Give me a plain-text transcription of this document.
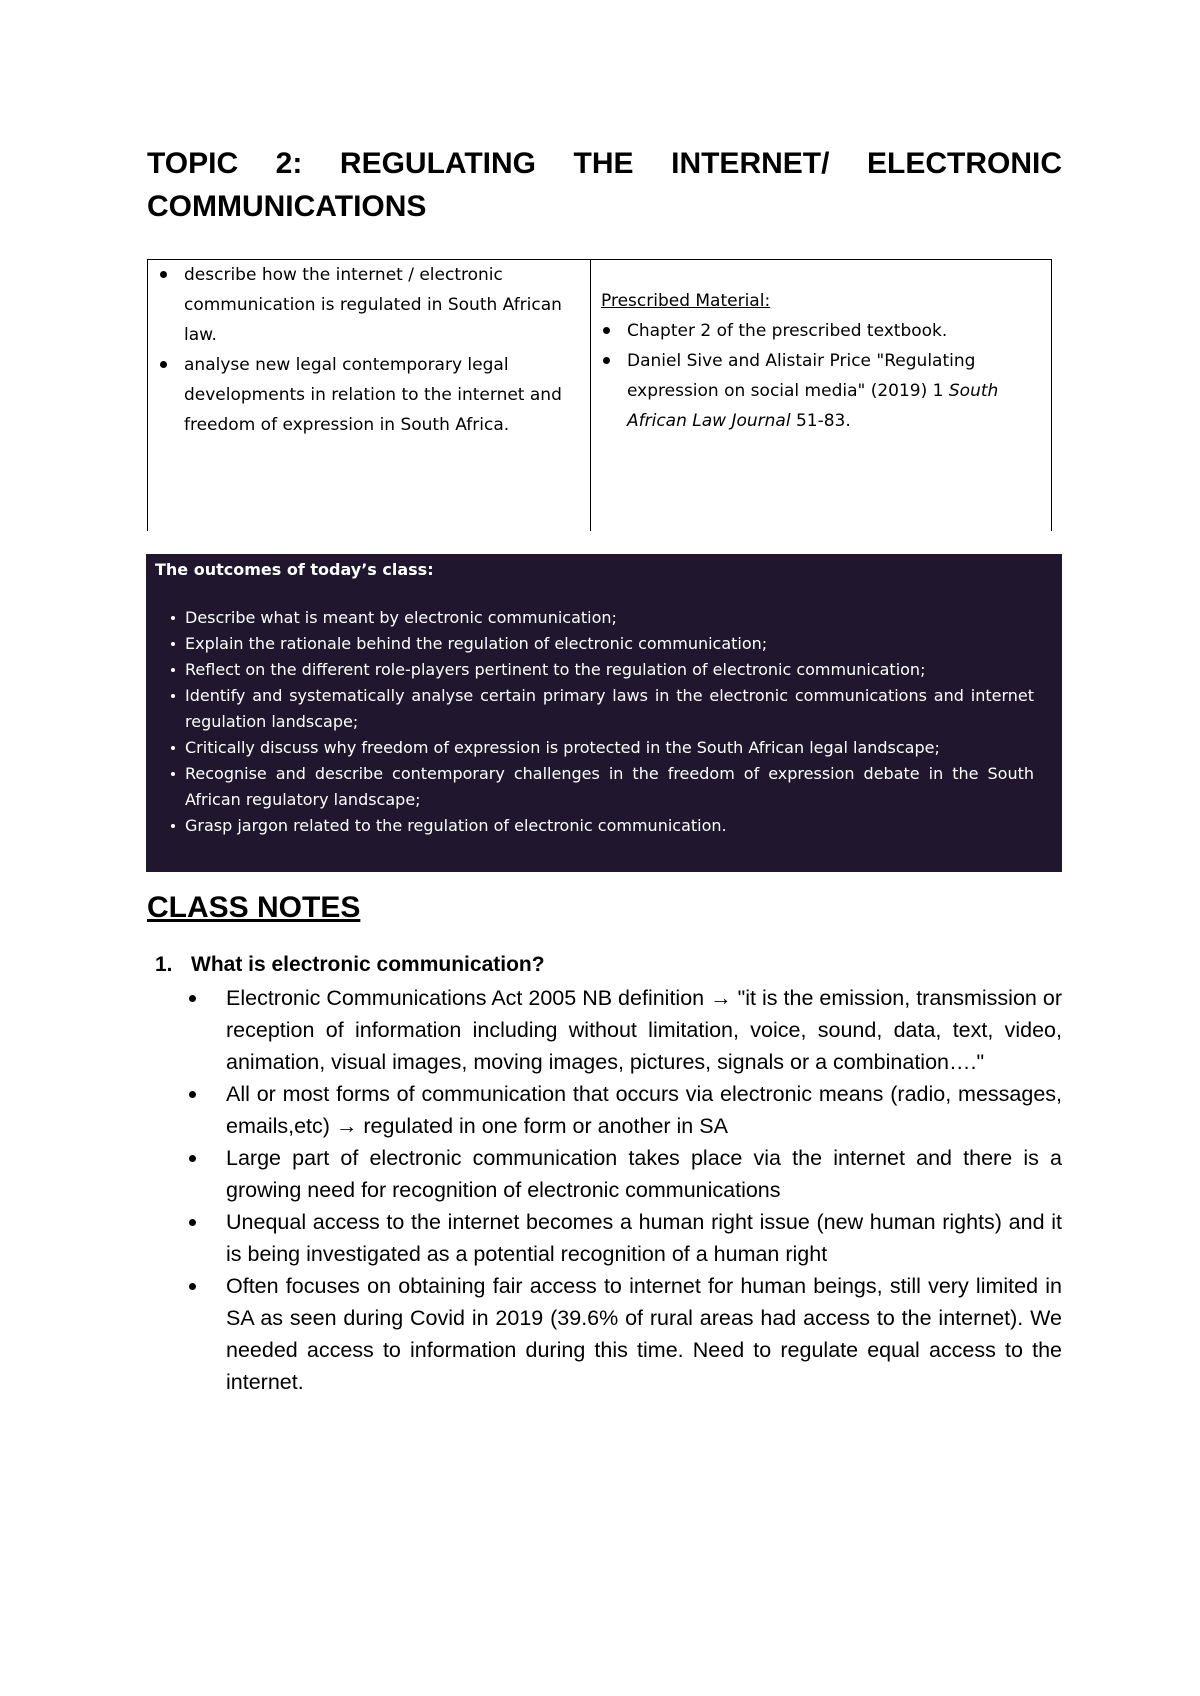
TOPIC 2: REGULATING THE INTERNET/ ELECTRONIC COMMUNICATIONS
describe how the internet / electronic communication is regulated in South African law.
analyse new legal contemporary legal developments in relation to the internet and freedom of expression in South Africa.
Prescribed Material:
Chapter 2 of the prescribed textbook.
Daniel Sive and Alistair Price "Regulating expression on social media" (2019) 1 South African Law Journal 51-83.
The outcomes of today’s class:
Describe what is meant by electronic communication;
Explain the rationale behind the regulation of electronic communication;
Reflect on the different role-players pertinent to the regulation of electronic communication;
Identify and systematically analyse certain primary laws in the electronic communications and internet regulation landscape;
Critically discuss why freedom of expression is protected in the South African legal landscape;
Recognise and describe contemporary challenges in the freedom of expression debate in the South African regulatory landscape;
Grasp jargon related to the regulation of electronic communication.
CLASS NOTES
1. What is electronic communication?
Electronic Communications Act 2005 NB definition → "it is the emission, transmission or reception of information including without limitation, voice, sound, data, text, video, animation, visual images, moving images, pictures, signals or a combination…."
All or most forms of communication that occurs via electronic means (radio, messages, emails,etc) → regulated in one form or another in SA
Large part of electronic communication takes place via the internet and there is a growing need for recognition of electronic communications
Unequal access to the internet becomes a human right issue (new human rights) and it is being investigated as a potential recognition of a human right
Often focuses on obtaining fair access to internet for human beings, still very limited in SA as seen during Covid in 2019 (39.6% of rural areas had access to the internet). We needed access to information during this time. Need to regulate equal access to the internet.
